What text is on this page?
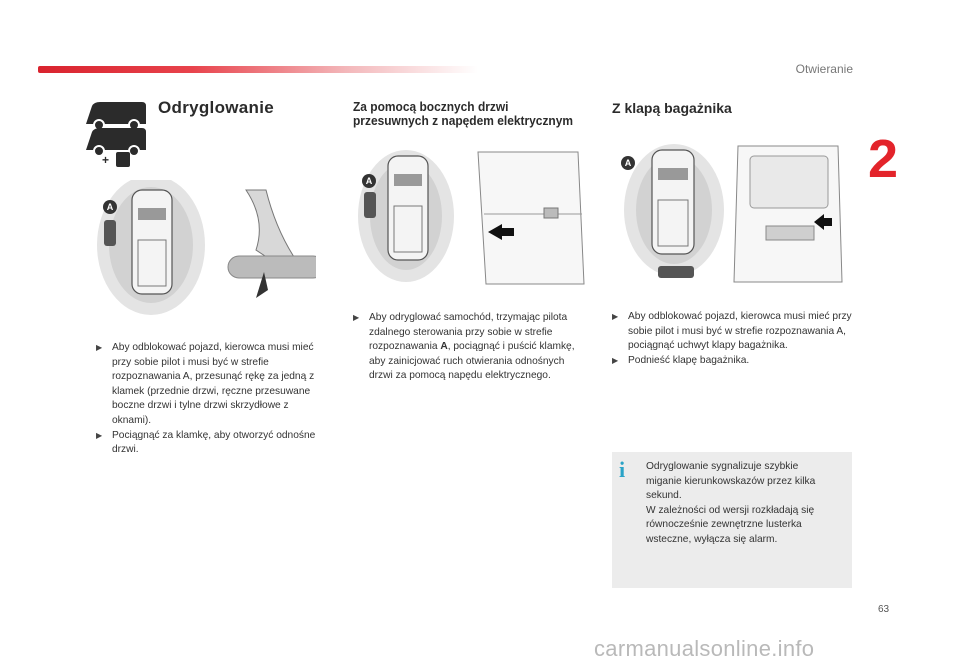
Otwieranie
2
+
Odryglowanie
A
▶ Aby odblokować pojazd, kierowca musi mieć przy sobie pilot i musi być w strefie rozpoznawania A, przesunąć rękę za jedną z klamek (przednie drzwi, ręczne przesuwane boczne drzwi i tylne drzwi skrzydłowe z oknami).
▶ Pociągnąć za klamkę, aby otworzyć odnośne drzwi.
Za pomocą bocznych drzwi
przesuwnych z napędem elektrycznym
A
▶ Aby odryglować samochód, trzymając pilota zdalnego sterowania przy sobie w strefie rozpoznawania A, pociągnąć i puścić klamkę, aby zainicjować ruch otwierania odnośnych drzwi za pomocą napędu elektrycznego.
Z klapą bagażnika
A
▶ Aby odblokować pojazd, kierowca musi mieć przy sobie pilot i musi być w strefie rozpoznawania A, pociągnąć uchwyt klapy bagażnika.
▶ Podnieść klapę bagażnika.
i	Odryglowanie sygnalizuje szybkie
miganie kierunkowskazów przez kilka
sekund.
W zależności od wersji rozkładają się
równocześnie zewnętrzne lusterka
wsteczne, wyłącza się alarm.
63
carmanualsonline.info
